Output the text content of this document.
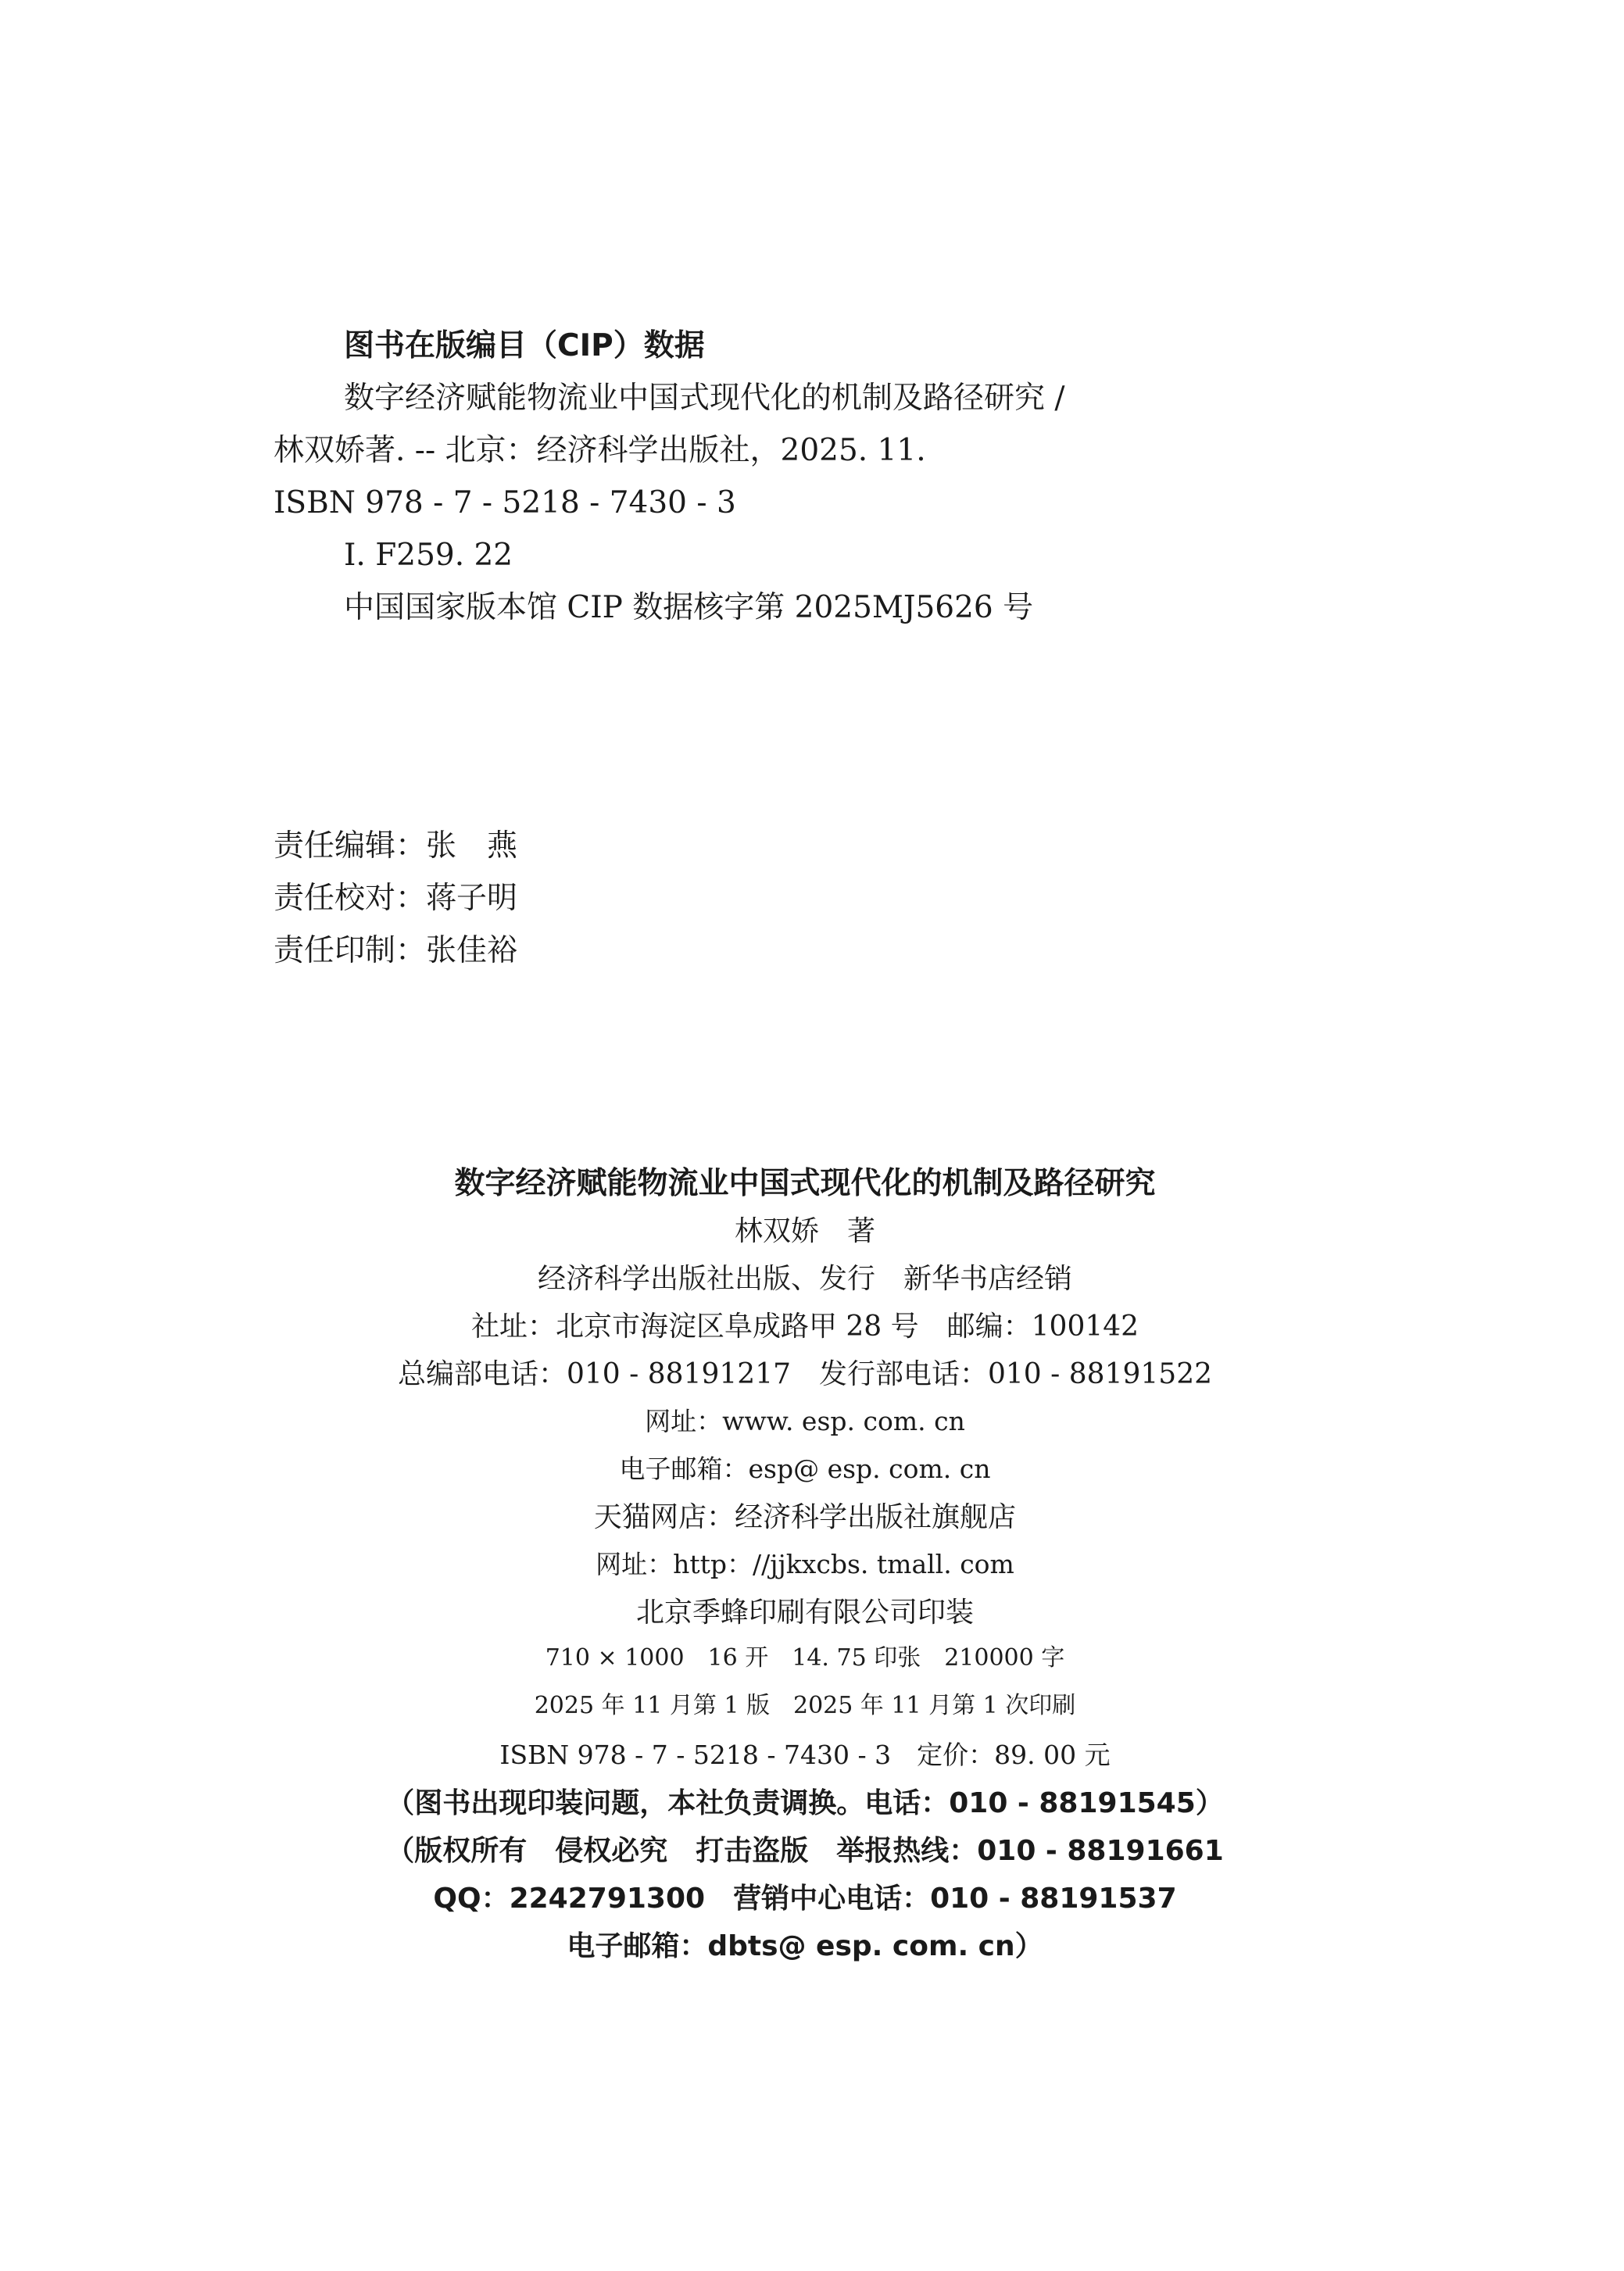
图书在版编目（CIP）数据
数字经济赋能物流业中国式现代化的机制及路径研究 /
林双娇著. -- 北京：经济科学出版社，2025. 11.
ISBN 978 - 7 - 5218 - 7430 - 3
Ⅰ. F259. 22
中国国家版本馆 CIP 数据核字第 2025MJ5626 号
责任编辑：张　燕
责任校对：蒋子明
责任印制：张佳裕
数字经济赋能物流业中国式现代化的机制及路径研究
林双娇　著
经济科学出版社出版、发行　新华书店经销
社址：北京市海淀区阜成路甲 28 号　邮编：100142
总编部电话：010 - 88191217　发行部电话：010 - 88191522
网址：www. esp. com. cn
电子邮箱：esp@ esp. com. cn
天猫网店：经济科学出版社旗舰店
网址：http：//jjkxcbs. tmall. com
北京季蜂印刷有限公司印装
710 × 1000　16 开　14. 75 印张　210000 字
2025 年 11 月第 1 版　2025 年 11 月第 1 次印刷
ISBN 978 - 7 - 5218 - 7430 - 3　定价：89. 00 元
（图书出现印装问题，本社负责调换。电话：010 - 88191545）
（版权所有　侵权必究　打击盗版　举报热线：010 - 88191661
QQ：2242791300　营销中心电话：010 - 88191537
电子邮箱：dbts@ esp. com. cn）
